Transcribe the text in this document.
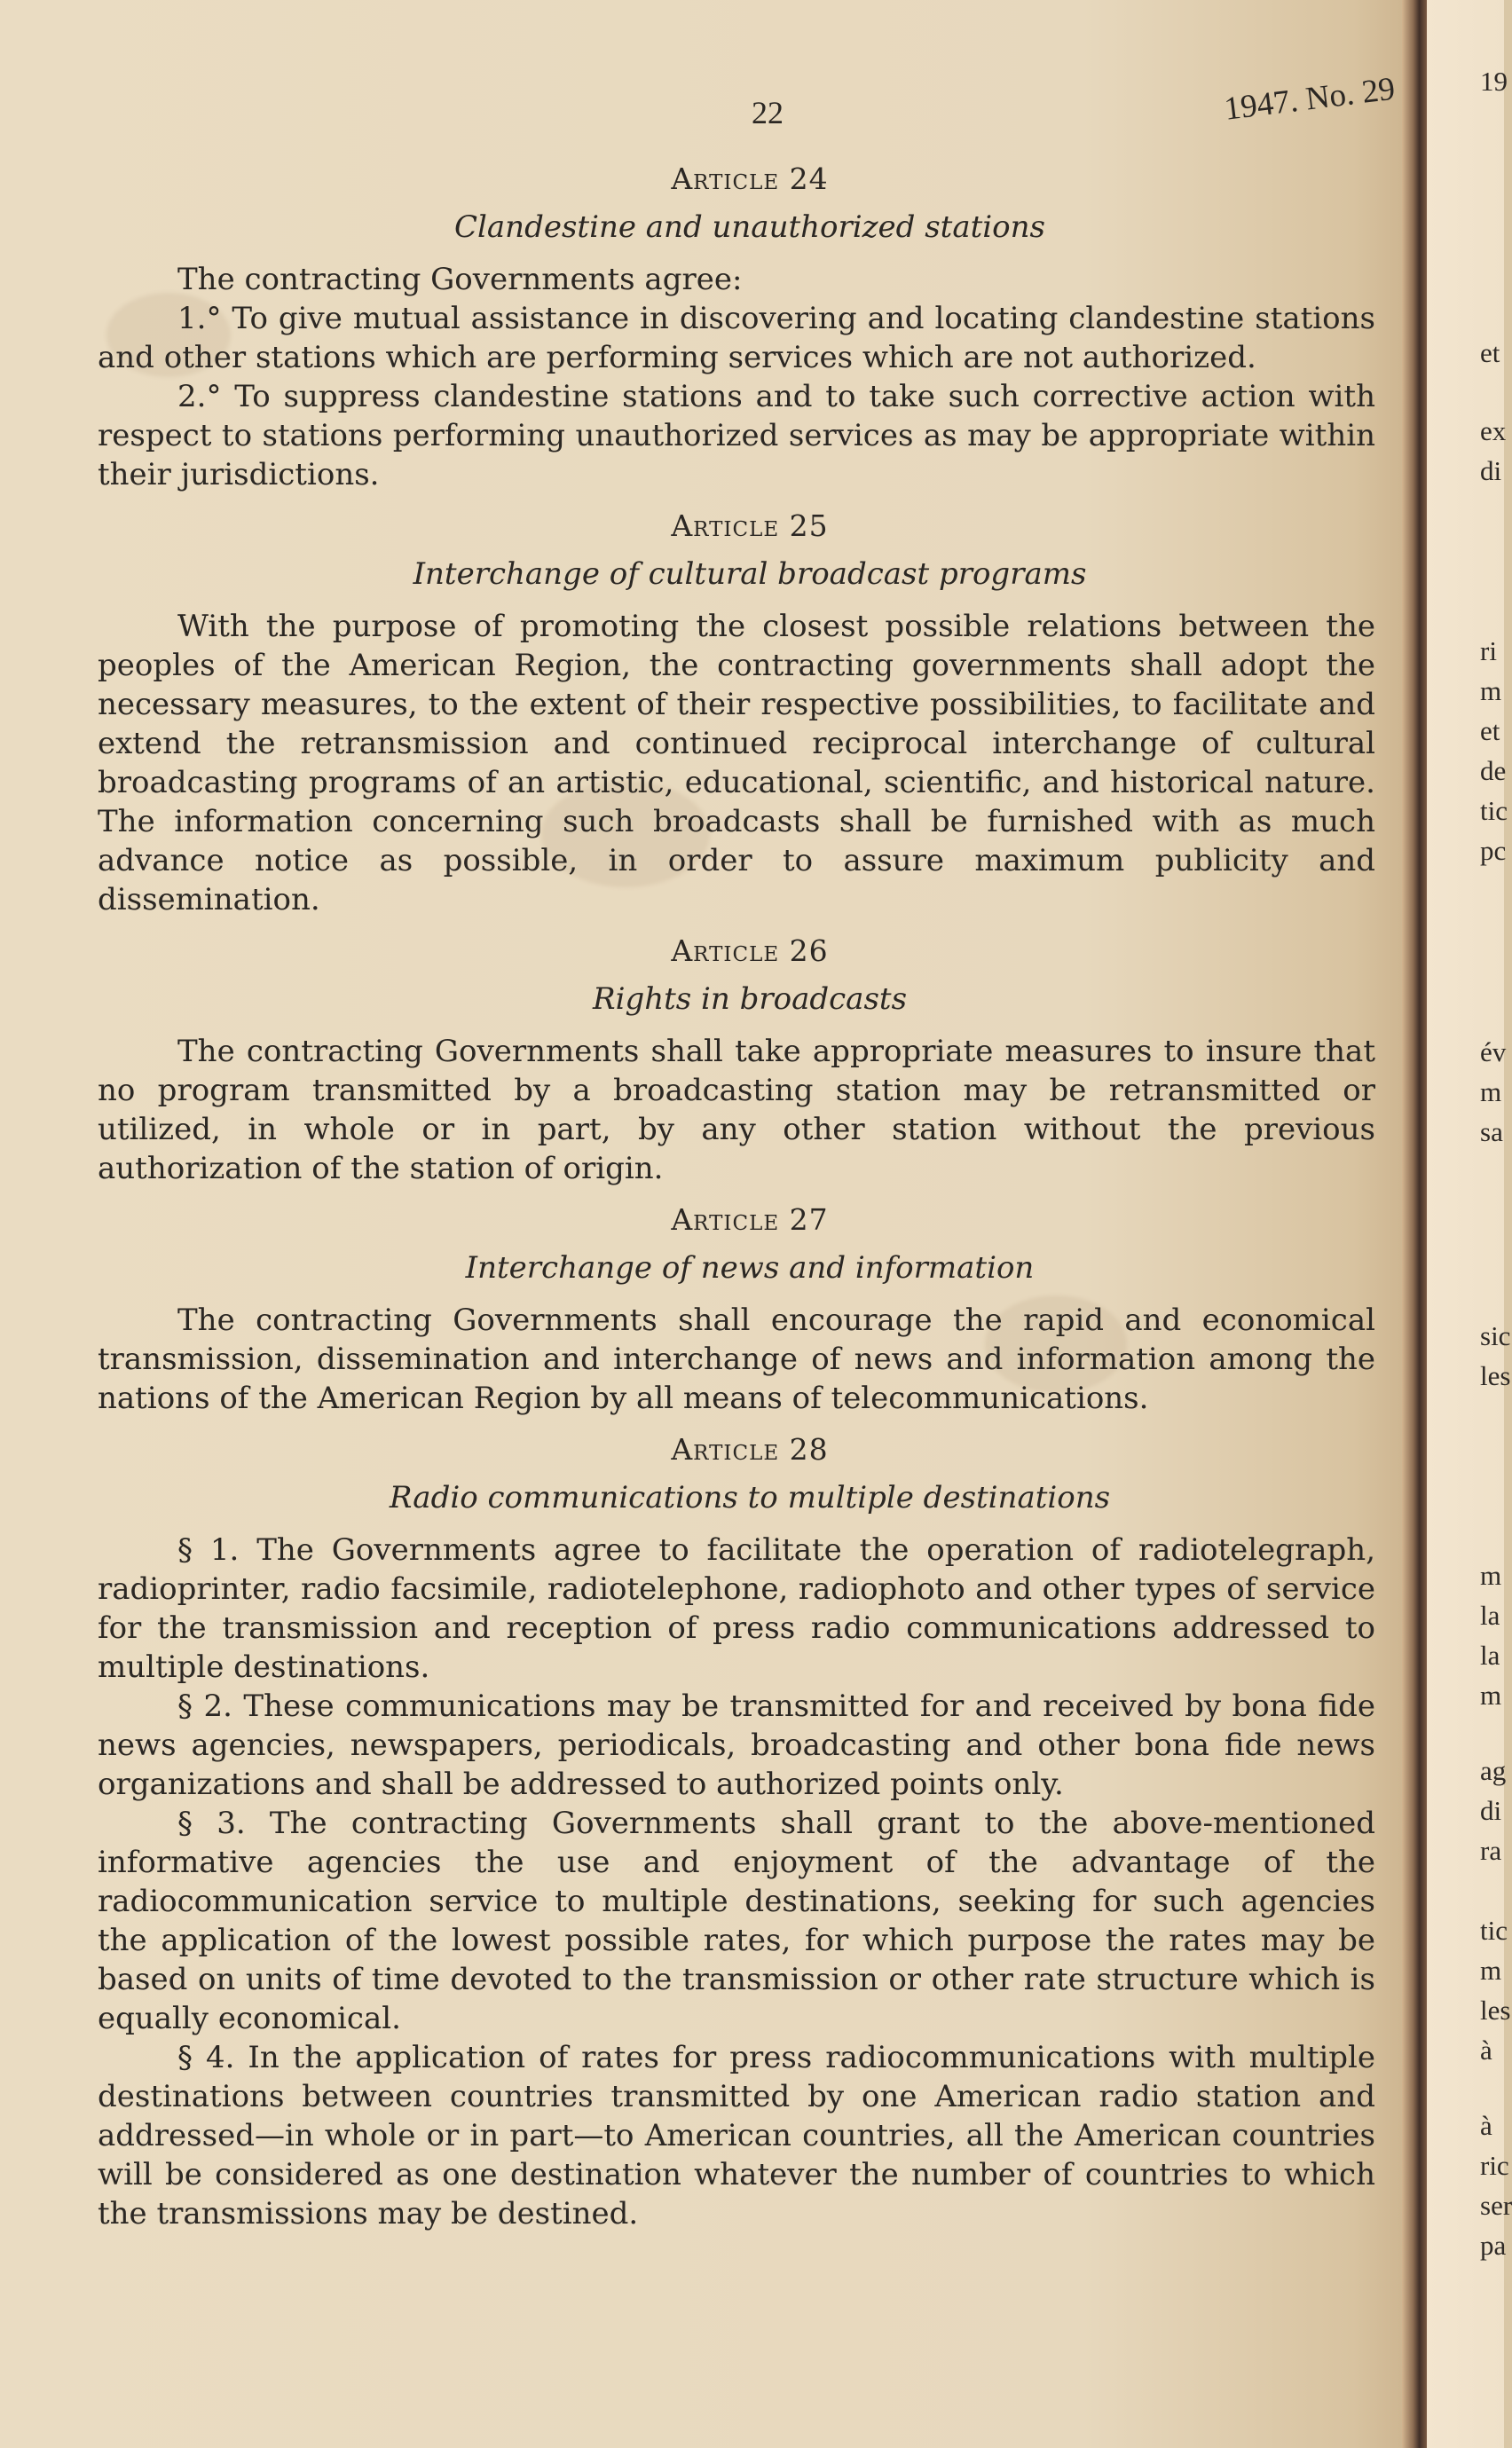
22	1947. No. 29
Article 24
Clandestine and unauthorized stations

The contracting Governments agree:

1.° To give mutual assistance in discovering and locating clandestine stations and other stations which are performing services which are not authorized.

2.° To suppress clandestine stations and to take such corrective action with respect to stations performing unauthorized services as may be appropriate within their jurisdictions.

Article 25
Interchange of cultural broadcast programs

With the purpose of promoting the closest possible relations between the peoples of the American Region, the contracting governments shall adopt the necessary measures, to the extent of their respective possibilities, to facilitate and extend the retransmission and continued reciprocal interchange of cultural broadcasting programs of an artistic, educational, scientific, and historical nature. The information concerning such broadcasts shall be furnished with as much advance notice as possible, in order to assure maximum publicity and dissemination.

Article 26
Rights in broadcasts

The contracting Governments shall take appropriate measures to insure that no program transmitted by a broadcasting station may be retransmitted or utilized, in whole or in part, by any other station without the previous authorization of the station of origin.

Article 27
Interchange of news and information

The contracting Governments shall encourage the rapid and economical transmission, dissemination and interchange of news and information among the nations of the American Region by all means of telecommunications.

Article 28
Radio communications to multiple destinations

§ 1. The Governments agree to facilitate the operation of radiotelegraph, radioprinter, radio facsimile, radiotelephone, radiophoto and other types of service for the transmission and reception of press radio communications addressed to multiple destinations.

§ 2. These communications may be transmitted for and received by bona fide news agencies, newspapers, periodicals, broadcasting and other bona fide news organizations and shall be addressed to authorized points only.

§ 3. The contracting Governments shall grant to the above-mentioned informative agencies the use and enjoyment of the advantage of the radiocommunication service to multiple destinations, seeking for such agencies the application of the lowest possible rates, for which purpose the rates may be based on units of time devoted to the transmission or other rate structure which is equally economical.

§ 4. In the application of rates for press radiocommunications with multiple destinations between countries transmitted by one American radio station and addressed—in whole or in part—to American countries, all the American countries will be considered as one destination whatever the number of countries to which the transmissions may be destined.

19
et
ex
di
ri
m
et
de
tic
pc
év
m
sa
sic
les
m
la
la
m
ag
di
ra
tic
m
les
à
à
ric
ser
pa
